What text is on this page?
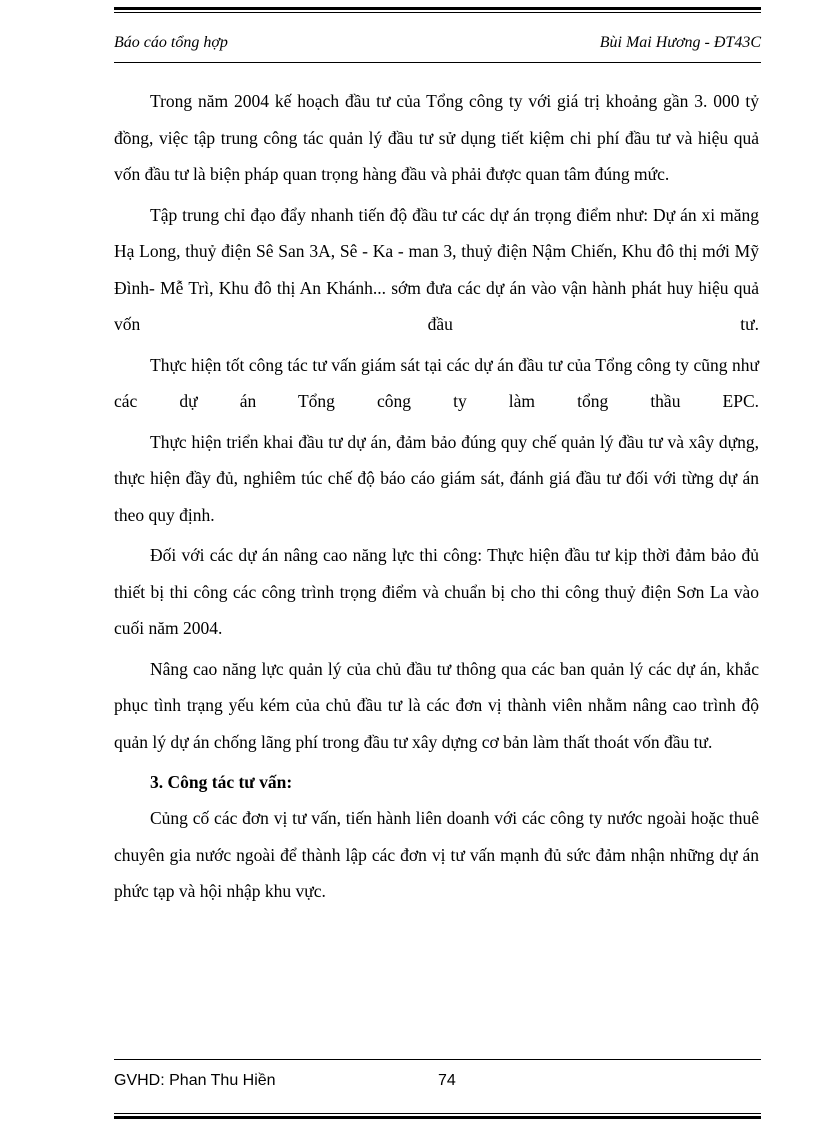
Báo cáo tổng hợp	Bùi Mai Hương - ĐT43C

Trong năm 2004 kế hoạch đầu tư của Tổng công ty với giá trị khoảng gần 3. 000 tỷ đồng, việc tập trung công tác quản lý đầu tư sử dụng tiết kiệm chi phí đầu tư và hiệu quả vốn đầu tư là biện pháp quan trọng hàng đầu và phải được quan tâm đúng mức.

Tập trung chỉ đạo đẩy nhanh tiến độ đầu tư các dự án trọng điểm như: Dự án xi măng Hạ Long, thuỷ điện Sê San 3A, Sê - Ka - man 3, thuỷ điện Nậm Chiến, Khu đô thị mới Mỹ Đình- Mễ Trì, Khu đô thị An Khánh... sớm đưa các dự án vào vận hành phát huy hiệu quả vốn đầu tư.

Thực hiện tốt công tác tư vấn giám sát tại các dự án đầu tư của Tổng công ty cũng như các dự án Tổng công ty làm tổng thầu EPC.

Thực hiện triển khai đầu tư dự án, đảm bảo đúng quy chế quản lý đầu tư và xây dựng, thực hiện đầy đủ, nghiêm túc chế độ báo cáo giám sát, đánh giá đầu tư đối với từng dự án theo quy định.

Đối với các dự án nâng cao năng lực thi công: Thực hiện đầu tư kịp thời đảm bảo đủ thiết bị thi công các công trình trọng điểm và chuẩn bị cho thi công thuỷ điện Sơn La vào cuối năm 2004.

Nâng cao năng lực quản lý của chủ đầu tư thông qua các ban quản lý các dự án, khắc phục tình trạng yếu kém của chủ đầu tư là các đơn vị thành viên nhằm nâng cao trình độ quản lý dự án chống lãng phí trong đầu tư xây dựng cơ bản làm thất thoát vốn đầu tư.

3. Công tác tư vấn:

Củng cố các đơn vị tư vấn, tiến hành liên doanh với các công ty nước ngoài hoặc thuê chuyên gia nước ngoài để thành lập các đơn vị tư vấn mạnh đủ sức đảm nhận những dự án phức tạp và hội nhập khu vực.

GVHD: Phan Thu Hiền	74
